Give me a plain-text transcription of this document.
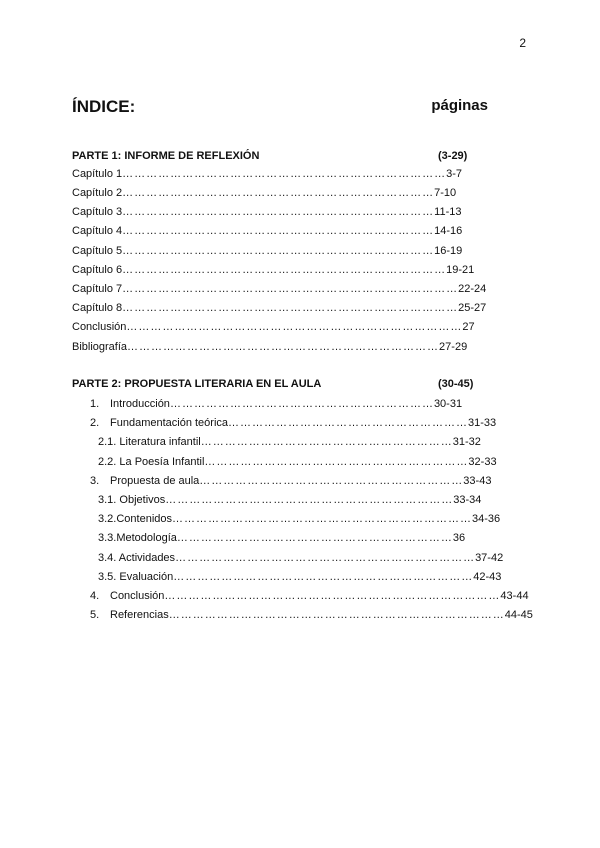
2
ÍNDICE:	páginas
PARTE 1: INFORME DE REFLEXIÓN	(3-29)
Capítulo 1………………………………………………………………………3-7
Capítulo 2……………………………………………………………………7-10
Capítulo 3……………………………………………………………………11-13
Capítulo 4……………………………………………………………………14-16
Capítulo 5……………………………………………………………………16-19
Capítulo 6………………………………………………………………………19-21
Capítulo 7…………………………………………………………………………22-24
Capítulo 8…………………………………………………………………………25-27
Conclusión…………………………………………………………………………27
Bibliografía……………………………………………………………………27-29
PARTE 2: PROPUESTA LITERARIA EN EL AULA	(30-45)
1. Introducción…………………………………………………………30-31
2. Fundamentación teórica……………………………………………………31-33
2.1. Literatura infantil………………………………………………………31-32
2.2. La Poesía Infantil…………………………………………………………32-33
3. Propuesta de aula…………………………………………………………33-43
3.1. Objetivos………………………………………………………………33-34
3.2.Contenidos…………………………………………………………………34-36
3.3.Metodología……………………………………………………………36
3.4. Actividades…………………………………………………………………37-42
3.5. Evaluación…………………………………………………………………42-43
4. Conclusión…………………………………………………………………………43-44
5. Referencias…………………………………………………………………………44-45
